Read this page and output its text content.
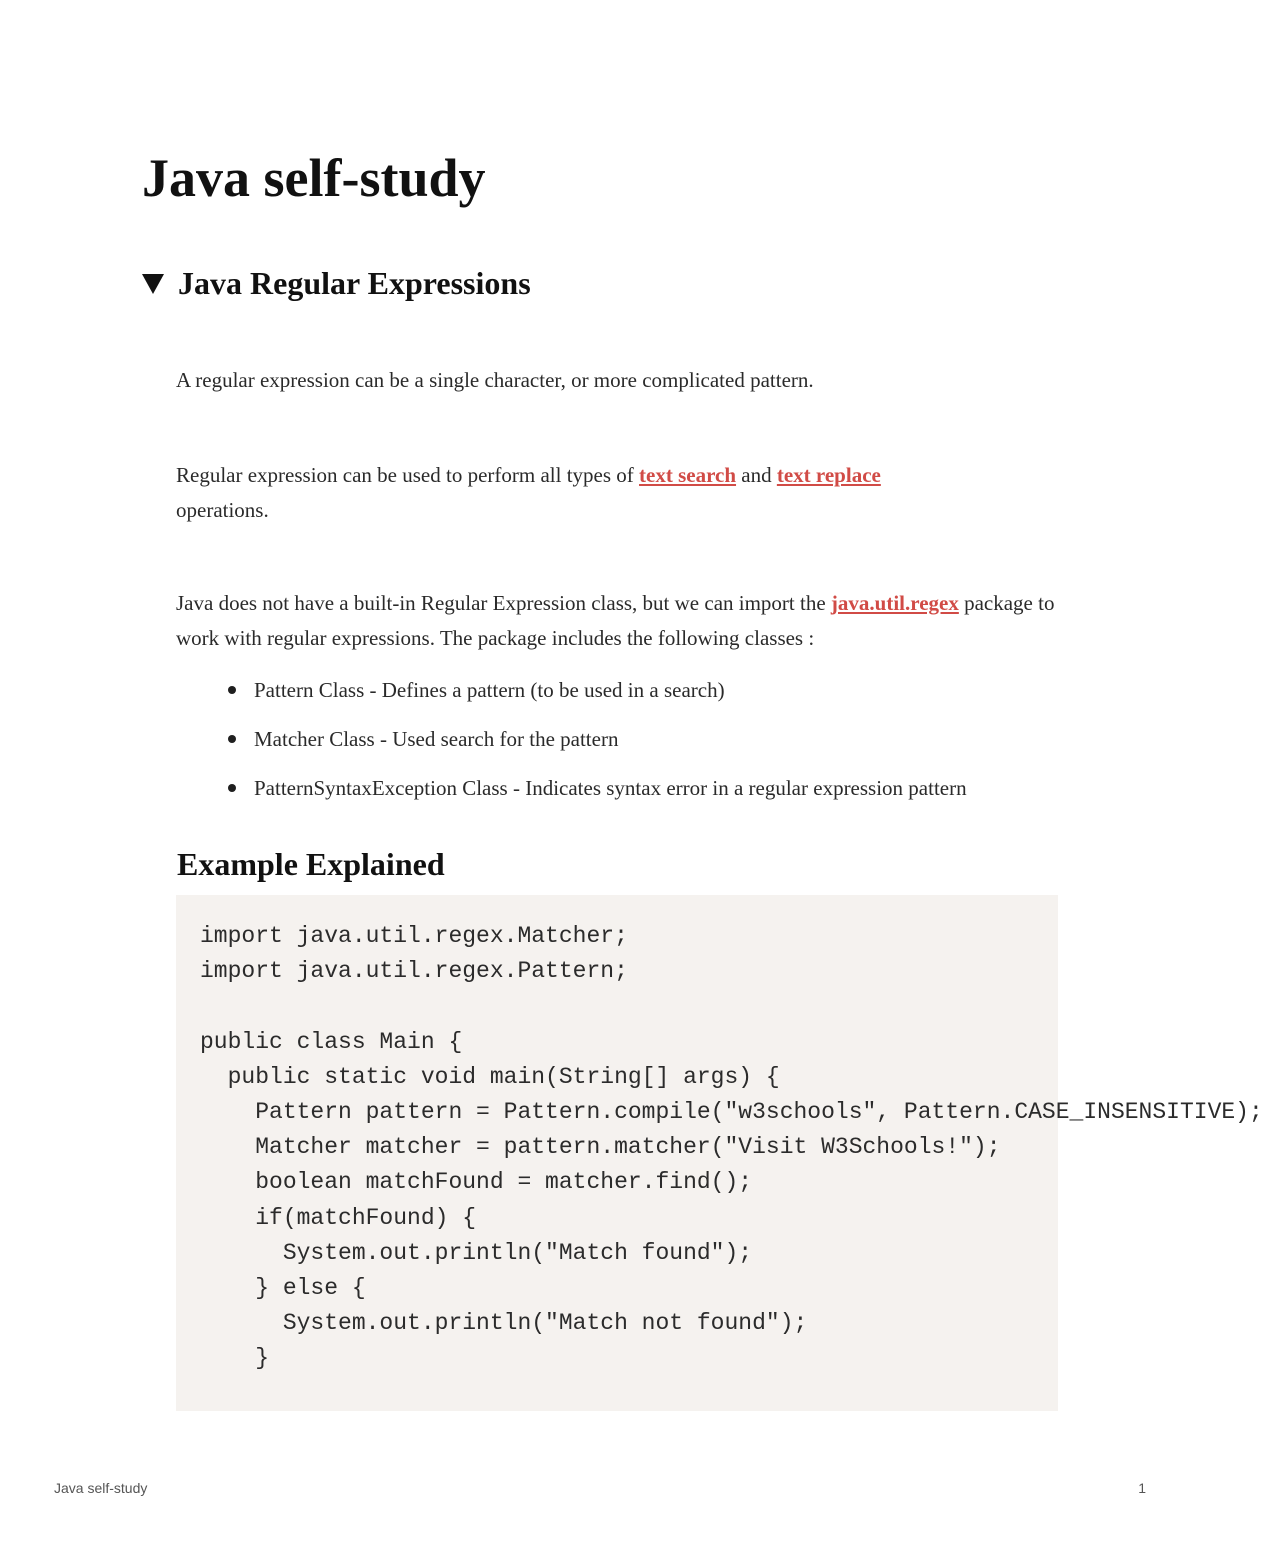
Java self-study
Java Regular Expressions

A regular expression can be a single character, or more complicated pattern.

Regular expression can be used to perform all types of text search and text replace operations.

Java does not have a built-in Regular Expression class, but we can import the java.util.regex package to work with regular expressions. The package includes the following classes :

Pattern Class - Defines a pattern (to be used in a search)
Matcher Class - Used search for the pattern
PatternSyntaxException Class - Indicates syntax error in a regular expression pattern
Example Explained
import java.util.regex.Matcher;
import java.util.regex.Pattern;

public class Main {
public static void main(String[] args) {
Pattern pattern = Pattern.compile("w3schools", Pattern.CASE_INSENSITIVE);
Matcher matcher = pattern.matcher("Visit W3Schools!");
boolean matchFound = matcher.find();
if(matchFound) {
System.out.println("Match found");
} else {
System.out.println("Match not found");
}
Java self-study	1
